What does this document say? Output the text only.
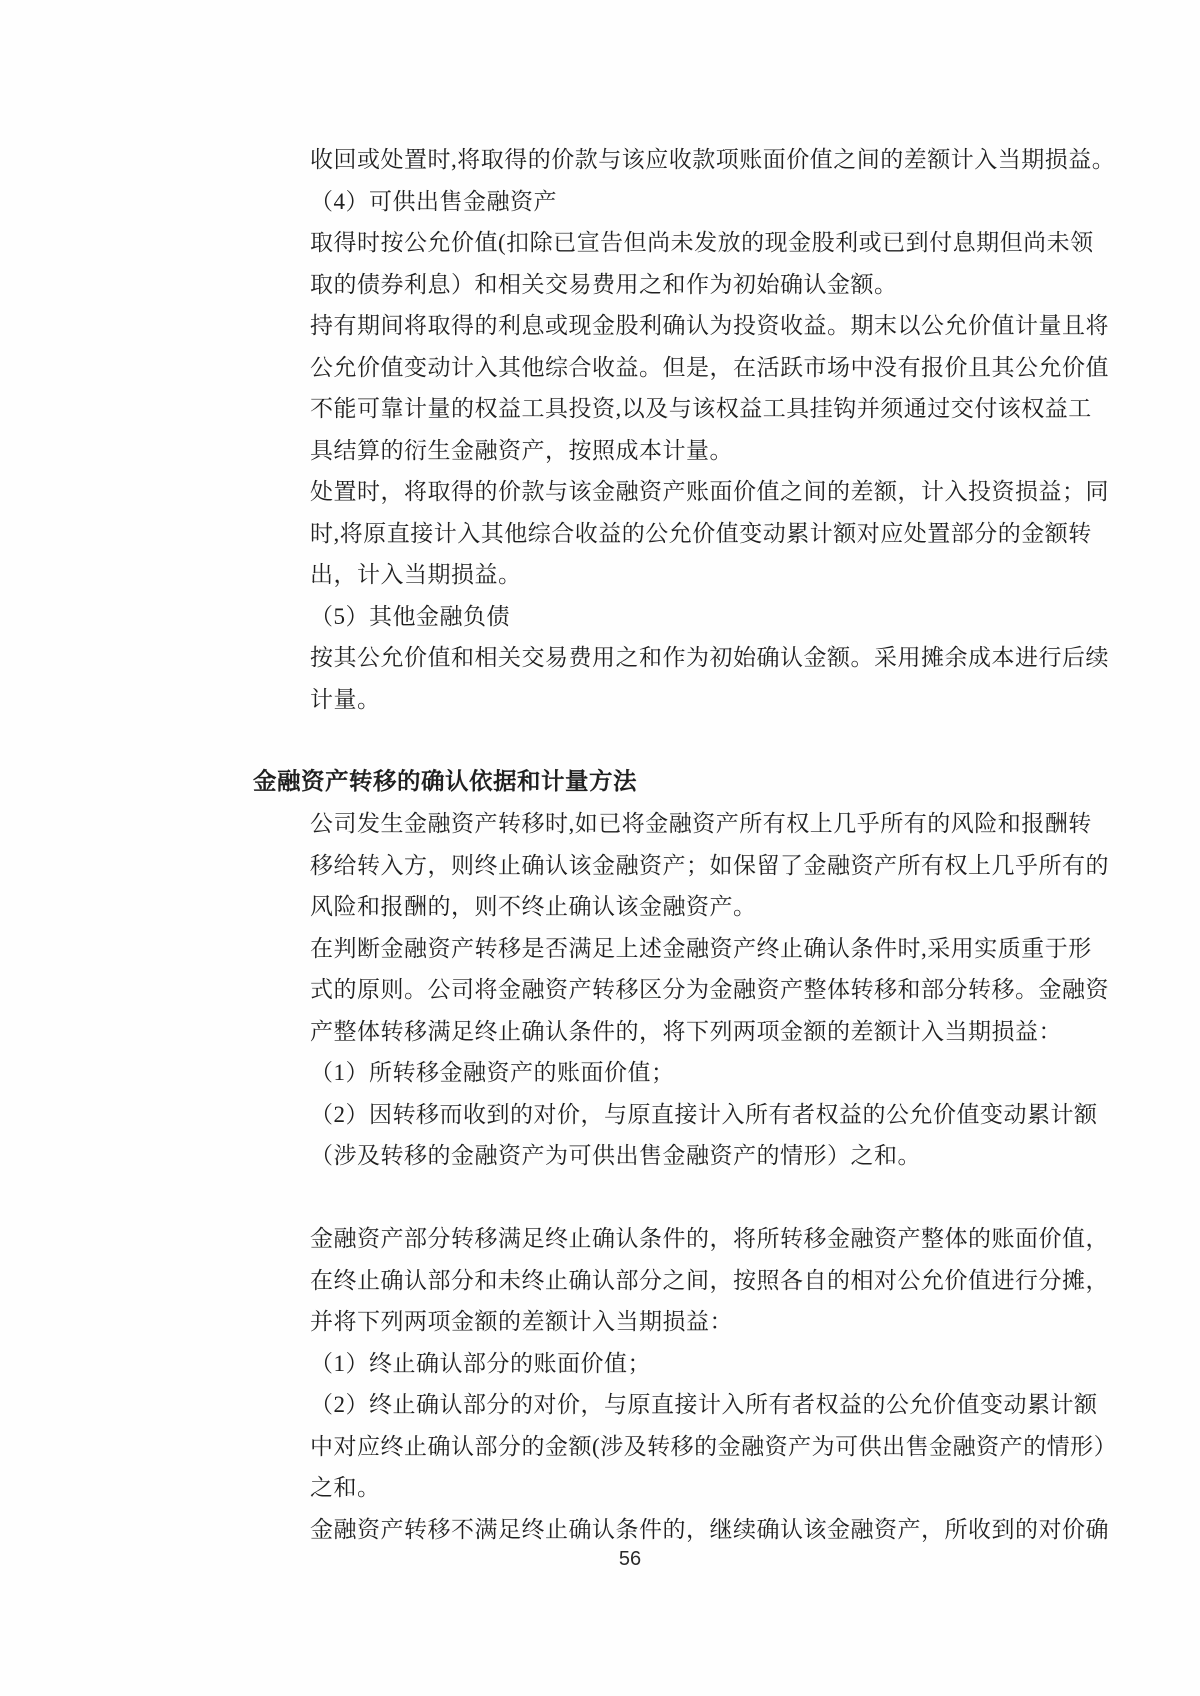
收回或处置时,将取得的价款与该应收款项账面价值之间的差额计入当期损益。
（4）可供出售金融资产
取得时按公允价值(扣除已宣告但尚未发放的现金股利或已到付息期但尚未领
取的债券利息）和相关交易费用之和作为初始确认金额。
持有期间将取得的利息或现金股利确认为投资收益。期末以公允价值计量且将
公允价值变动计入其他综合收益。但是，在活跃市场中没有报价且其公允价值
不能可靠计量的权益工具投资,以及与该权益工具挂钩并须通过交付该权益工
具结算的衍生金融资产，按照成本计量。
处置时，将取得的价款与该金融资产账面价值之间的差额，计入投资损益；同
时,将原直接计入其他综合收益的公允价值变动累计额对应处置部分的金额转
出，计入当期损益。
（5）其他金融负债
按其公允价值和相关交易费用之和作为初始确认金额。采用摊余成本进行后续
计量。
金融资产转移的确认依据和计量方法
公司发生金融资产转移时,如已将金融资产所有权上几乎所有的风险和报酬转
移给转入方，则终止确认该金融资产；如保留了金融资产所有权上几乎所有的
风险和报酬的，则不终止确认该金融资产。
在判断金融资产转移是否满足上述金融资产终止确认条件时,采用实质重于形
式的原则。公司将金融资产转移区分为金融资产整体转移和部分转移。金融资
产整体转移满足终止确认条件的，将下列两项金额的差额计入当期损益：
（1）所转移金融资产的账面价值；
（2）因转移而收到的对价，与原直接计入所有者权益的公允价值变动累计额
（涉及转移的金融资产为可供出售金融资产的情形）之和。
金融资产部分转移满足终止确认条件的，将所转移金融资产整体的账面价值，
在终止确认部分和未终止确认部分之间，按照各自的相对公允价值进行分摊，
并将下列两项金额的差额计入当期损益：
（1）终止确认部分的账面价值；
（2）终止确认部分的对价，与原直接计入所有者权益的公允价值变动累计额
中对应终止确认部分的金额(涉及转移的金融资产为可供出售金融资产的情形）
之和。
金融资产转移不满足终止确认条件的，继续确认该金融资产，所收到的对价确
56
